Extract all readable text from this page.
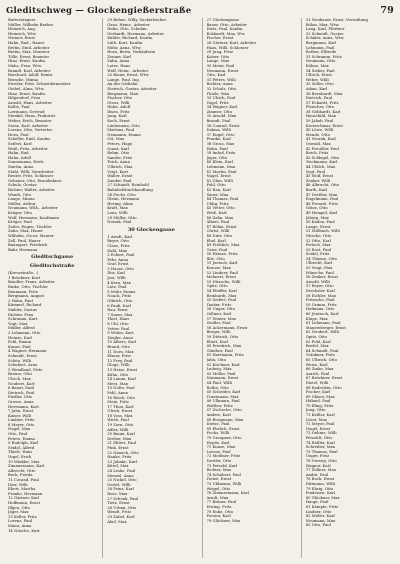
Gleditschweg — Glockengießerstraße	79
Buttersängers
Müller, Wilhelm Barber
Heinrich, Aug.
Heinrich, Wtw.
Niemer, Ernst
Hahn, Rud., Hauer
Bettin, Emil, Arbeiter
Bettin, Max, Monteur
Tölle, Ernst, Beamter
Hinz, Ernst, Kaufm.
Mahs, Frau, Wtw.
Brandt, Karl, Arbeiter
Borchard, Adolf, Rentn.
Reincke, Minna
Eweder, Fritz, Schneidermeister
Giebel, Alma, Wtw.
Hinz, Ernst, Kaufm.
Hilgendorf, Frau
Arnold, Hans, Arbeiter
Kolbe, Paul
Lowmann, Gertrud
Stenkel, Hans, Prokurist
Weber, Erich, Beamter
Sasse, Karl, Arbeiter
Lorenz, Otto, Vertreter
Horn, Paul
Scheller, Emil, Kaufm.
Seifert, Karl
Weiß, Fritz, Arbeiter
Hahn, Rud.
Hahn, Adolf
Sonnemann, Erich
Martin, Anna
Stahl, Willi, Vorarbeiter
Reuter, Fritz, Schlosser
Gebauer, Otto, Eisenbahner
Schulz, Gustav
Richter, Walter, Arbeiter
Wendt, Otto
Lange, Minna
Müller, Arthur
Neumann, Wilh., Arbeiter
Krüger, Otto
Wolf, Hermann, Kaufmann
Kröger, Paul
Zeiler, Eugen, Tischler
Zahn, Max, Hauer
Wilhelm, Oscar, Maurer
Zell, Paul, Hauer
Baumgart, Friedrich
Bahr, Hermann
Gleditschgasse
Gleditschstraße
(Kreuzstraße...)
1 Brückner, Kurt
Baudler, Franz, Arbeiter
Rinke, Otto, Tischler
Baumann, Fritz
Bergmann, August
2 Hahn, Paul
Kümmel, Richard
Mahler, Gustav
Richter, Frau
Schramm, Kurt
Vogt, Max
Müller, Alfred
3 Lehmann, Otto
Heinze, Karl
Pohl, Emma
Kunze, Paul
4 Wagner, Hermann
Schmidt, Ernst
Schön, Willi
Schubert, Arno
5 Wendland, Fritz
Brauer, Otto
Ulrich, Max
Neubert, Karl
6 Bauer, Emil
Dietrich, Paul
Fiedler, Otto
Grosse, Anna
Herrmann, Kurt
7 Jahn, Ernst
Kaiser, Willi
Lindner, Fritz
8 Meyer, Otto
Nagel, Max
Otto, Paul
Peters, Emma
9 Rudolph, Karl
Seidel, Alfred
Thiele, Hans
Vogel, Erich
10 Winkler, Max
Zimmermann, Karl
Albrecht, Otto
Beck, Frieda
11 Conrad, Paul
Dörr, Willi
Ebert, Martha
Franke, Hermann
12 Gärtner, Karl
Hoffmann, Ernst
Illgen, Otto
Jäger, Max
13 Keller, Fritz
Lorenz, Paul
Mann, Anna
14 Nitsche, Kurt
29 Behne, Willy, Zuckerbäcker
Ganz, Heinr., Arbeiter
Hahn, Otto, Schuhm.
Gerhardt, Hermann, Arbeiter
Kübler, Richard, Kaufm.
Lüth, Kurt, Kaufm.
Möhr, Anna, Wtw.
Horn, Berta, Verkäuferin
Zeuner, Karl
Zahn, Anna
Lotze, Hans
Wolf, Heinr., Arbeiter
25 Bauer, Ernst, Wtw.
Lange, Paul, Ing.
An der Ostbahn
Dietrich, Gustav, Arbeiter
Bergmann, Max
Fischer, Otto
Gross, Willi
Hahn, Adolf
Ibsen, Fritz
Jung, Karl
Koch, Ernst
Lindemann, Otto
Martens, Paul
Neumann, Emma
Ott, Max
Peters, Hugo
Quast, Karl
Rehm, Otto
Sander, Fritz
Teich, Anna
Ulbrich, Max
Voigt, Kurt
Walter, Ernst
Zander, Paul
27 Schmidt, Reinhold
Bahnhofsbuchhandlung
28 Fuchs, Otto
Gleim, Hermann
Hering, Alma
Kraft, Max
Lenz, Willi
29 Müller, Otto
Nowak, Paul
30 Glockengasse
1 Arndt, Karl
Beyer, Otto
Claus, Fritz
Dahl, Max
2 Eckert, Paul
Fehr, Anna
Graf, Ernst
3 Haase, Otto
Iltis, Karl
Jost, Willi
4 Kern, Max
Lutz, Paul
5 Mohr, Emma
Noack, Fritz
Olbrich, Otto
6 Pauli, Karl
Rau, Ernst
7 Sauer, Max
Thiel, Hans
8 Uhl, Otto
Vetter, Paul
9 Weber, Kurt
Ziegler, Anna
10 Albers, Karl
Brand, Otto
11 Dorn, Max
Elsner, Fritz
12 Frey, Paul
Gloge, Willi
13 Heise, Ernst
Kühn, Otto
14 Lamm, Karl
Merz, Max
15 Nolte, Paul
Pohl, Anna
16 Reich, Otto
Stein, Fritz
17 Thon, Karl
Ulrich, Ernst
18 Voss, Max
Wirth, Paul
19 Zorn, Otto
Adler, Willi
20 Baum, Karl
Dreher, Max
21 Ehlert, Paul
Fink, Ernst
22 Gnauck, Otto
Hanke, Fritz
23 Jahnke, Karl
Kittel, Max
24 Leske, Paul
Menzel, Anna
25 Nickel, Otto
Oertel, Willi
26 Prinz, Karl
Rose, Max
27 Schenk, Paul
Tietz, Ernst
28 Urban, Otto
Wendt, Fritz
29 Zabel, Karl
Abel, Max
27 Glockengasse
Bauer, Otto, Arbeiter
Dietz, Paul, Kaufm.
Eckhardt, Max, Ww.
Fischer, Ernst
28 Gärtner, Karl, Arbeiter
Haas, Willi, Schlosser
29 Jung, Fritz
Kaiser, Otto
Lange, Max
30 Meier, Paul
Neumann, Ernst
Otto, Karl
31 Peters, Willi
Richter, Anna
32 Schulz, Otto
Thiele, Max
33 Ulrich, Paul
Vogel, Fritz
34 Wagner, Karl
Zimmer, Otto
35 Arnold, Max
Brandt, Paul
36 Conrad, Ernst
Dahms, Willi
37 Engel, Otto
Franke, Karl
38 Gross, Max
Hahn, Paul
39 Imhof, Fritz
Jäger, Otto
40 Klein, Karl
Lehmann, Max
41 Martin, Paul
Nagel, Ernst
42 Ohm, Willi
Pohl, Otto
43 Rau, Karl
Sauer, Max
44 Thomas, Paul
Uhlig, Fritz
45 Vetter, Otto
Weiß, Karl
46 Zahn, Max
Albert, Paul
47 Böhm, Ernst
Christ, Willi
48 Dürr, Otto
Ebel, Karl
49 Fröhlich, Max
Geier, Paul
50 Heinze, Fritz
Ihle, Otto
51 Jentsch, Karl
Krause, Max
52 Lindner, Paul
Mehnert, Ernst
53 Nitzsche, Willi
Opitz, Otto
54 Pfeiffer, Karl
Reinhardt, Max
55 Seifert, Paul
Tauber, Fritz
56 Unger, Otto
Vollmer, Karl
57 Winter, Max
Zeidler, Paul
58 Ackermann, Ernst
Berger, Willi
59 Dittrich, Otto
Ebert, Karl
60 Friedrich, Max
Günther, Paul
61 Hartmann, Fritz
Jahn, Otto
62 Kirchner, Karl
Ludwig, Max
63 Möller, Paul
Naumann, Ernst
64 Paul, Willi
Rothe, Otto
65 Schröder, Karl
Trautmann, Max
66 Ullmann, Paul
Walther, Fritz
67 Zschoche, Otto
Anders, Karl
68 Bergmann, Max
Dietze, Paul
69 Ehrlich, Ernst
Fuchs, Willi
70 Graupner, Otto
Heyde, Karl
71 Kunze, Max
Lorenz, Paul
72 Meißner, Fritz
Nestler, Otto
73 Petzold, Karl
Richter, Max
74 Schubert, Paul
Tietze, Ernst
75 Uhlmann, Willi
Weigel, Otto
76 Zimmermann, Karl
Arndt, Max
77 Bräuer, Paul
Döring, Fritz
78 Enke, Otto
Forster, Karl
79 Glöckner, Max
31 Neubauer, Ernst, Verwaltung
Böhm, Max, Wtw.
Lang, Karl, Pförtner
32 Schmidt, Gustav
Schäfer, Anna, Wtw.
Bergmann, Karl
Lehmann, Paul
Rother, Elfriede
33 Schramm, Fritz
Neumann, Otto
Kühne, Max
34 Sieber, Paul
Ullrich, Ernst
Weber, Willi
35 Zeller, Otto
Adam, Karl
36 Bernhardt, Max
Dietrich, Paul
37 Eckardt, Fritz
Fleischer, Otto
38 Gebhardt, Karl
Hauschild, Max
39 Jakob, Paul
Kretzschmar, Ernst
40 Löwe, Willi
Mende, Otto
41 Nowak, Karl
Oswald, Max
42 Preußler, Paul
Reich, Fritz
43 Schlegel, Otto
Teichmann, Karl
44 Uhlich, Max
Vogt, Paul
45 Wolf, Ernst
Zenker, Willi
46 Albrecht, Otto
Barth, Karl
47 Dreßler, Max
Engelmann, Paul
48 Frenzel, Fritz
Götze, Otto
49 Hempel, Karl
Jähnig, Max
50 Kaden, Paul
Lange, Ernst
51 Mißbach, Willi
Nitsche, Otto
52 Otto, Karl
Pietsch, Max
53 Rost, Paul
Seidel, Fritz
54 Thieme, Otto
Ulbricht, Karl
55 Voigt, Max
Wünsche, Paul
56 Zenker, Ernst
Arnold, Willi
57 Beyer, Otto
Drechsler, Karl
58 Eichler, Max
Fritzsche, Paul
59 Grimm, Fritz
Hofmann, Otto
60 Jentzsch, Karl
Kluge, Max
61 Lehmann, Paul
Mauersberger, Ernst
62 Neubert, Willi
Opitz, Otto
63 Pohl, Karl
Riedel, Max
64 Schmidt, Paul
Tränkner, Fritz
65 Ulbrich, Otto
Weise, Karl
66 Zinke, Max
Aurich, Paul
67 Brückner, Ernst
Dietel, Willi
68 Enderlein, Otto
Fischer, Karl
69 Gläser, Max
Hähnel, Paul
70 Illing, Fritz
Jung, Otto
71 Keßler, Karl
Löser, Max
72 Meyer, Paul
Nagel, Ernst
73 Oehme, Willi
Petzoldt, Otto
74 Rößler, Karl
Schreiber, Max
75 Thomas, Paul
Unger, Fritz
76 Vieweg, Otto
Wagner, Karl
77 Zöllner, Max
Andrä, Paul
78 Bock, Ernst
Dittmann, Willi
79 Ehrig, Otto
Findeisen, Karl
80 Glöckner, Max
Haupt, Paul
81 Kämpfe, Fritz
Lindner, Otto
82 Müller, Karl
Neumann, Max
83 Otto, Paul
